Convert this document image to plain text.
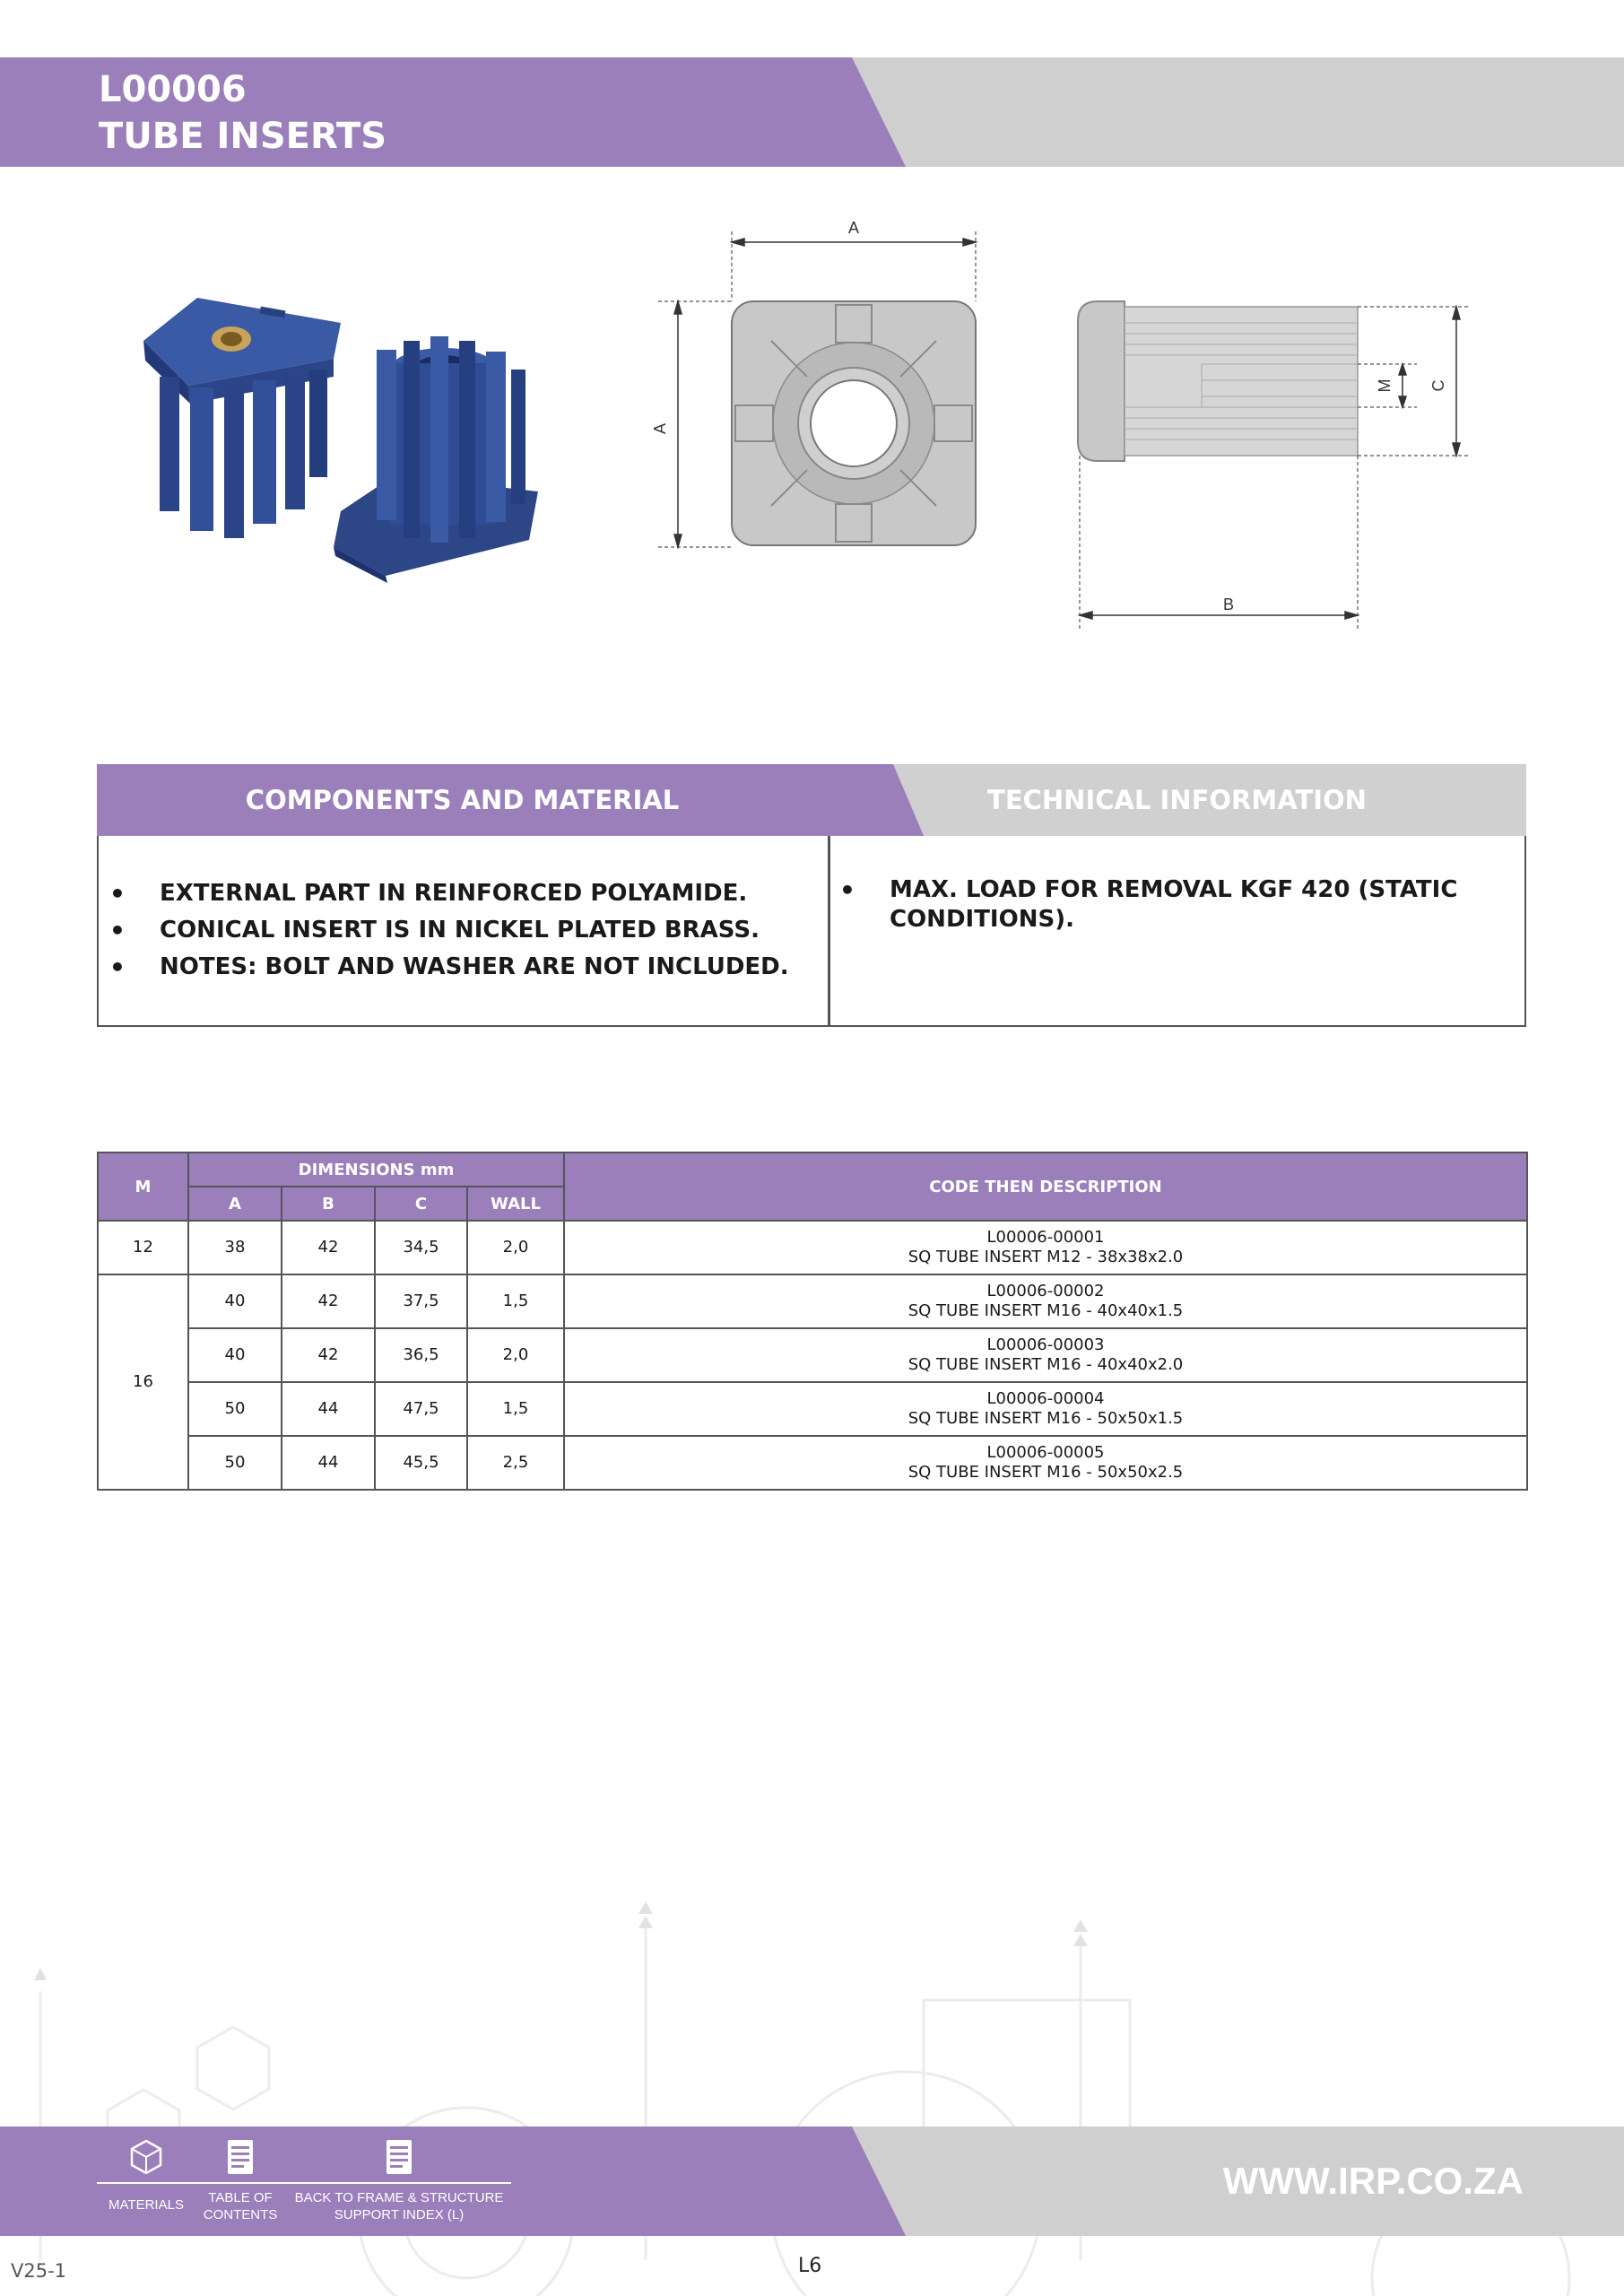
L00006
TUBE INSERTS
A
A
C
M
B
COMPONENTS AND MATERIAL	TECHNICAL INFORMATION
• EXTERNAL PART IN REINFORCED POLYAMIDE.
• CONICAL INSERT IS IN NICKEL PLATED BRASS.
• NOTES: BOLT AND WASHER ARE NOT INCLUDED.
• MAX. LOAD FOR REMOVAL KGF 420 (STATIC CONDITIONS).
M	DIMENSIONS mm				CODE THEN DESCRIPTION
	A	B	C	WALL	
12	38	42	34,5	2,0	L00006-00001
SQ TUBE INSERT M12 - 38x38x2.0
16	40	42	37,5	1,5	L00006-00002
SQ TUBE INSERT M16 - 40x40x1.5
	40	42	36,5	2,0	L00006-00003
SQ TUBE INSERT M16 - 40x40x2.0
	50	44	47,5	1,5	L00006-00004
SQ TUBE INSERT M16 - 50x50x1.5
	50	44	45,5	2,5	L00006-00005
SQ TUBE INSERT M16 - 50x50x2.5
MATERIALS	TABLE OF
CONTENTS
BACK TO FRAME & STRUCTURE
SUPPORT INDEX (L)
WWW.IRP.CO.ZA
V25-1	L6
